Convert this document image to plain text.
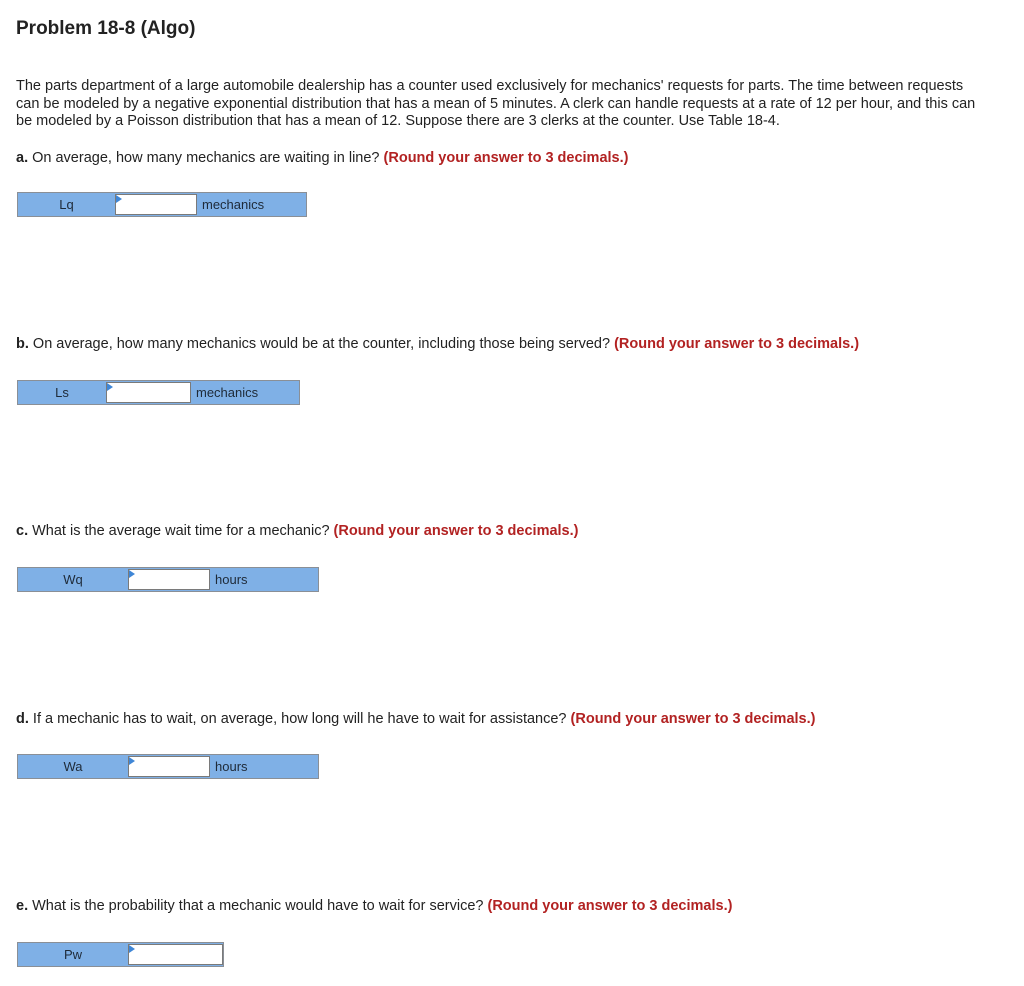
Problem 18-8 (Algo)

The parts department of a large automobile dealership has a counter used exclusively for mechanics' requests for parts. The time between requests can be modeled by a negative exponential distribution that has a mean of 5 minutes. A clerk can handle requests at a rate of 12 per hour, and this can be modeled by a Poisson distribution that has a mean of 12. Suppose there are 3 clerks at the counter. Use Table 18-4.

a. On average, how many mechanics are waiting in line? (Round your answer to 3 decimals.)

Lq	mechanics

b. On average, how many mechanics would be at the counter, including those being served? (Round your answer to 3 decimals.)

Ls	mechanics

c. What is the average wait time for a mechanic? (Round your answer to 3 decimals.)

Wq	hours

d. If a mechanic has to wait, on average, how long will he have to wait for assistance? (Round your answer to 3 decimals.)

Wa	hours

e. What is the probability that a mechanic would have to wait for service? (Round your answer to 3 decimals.)

Pw
